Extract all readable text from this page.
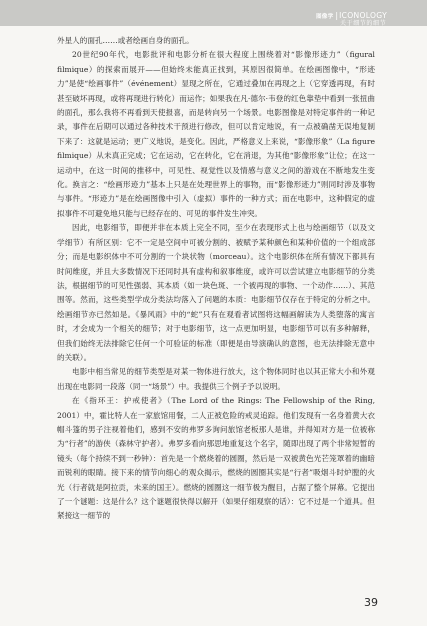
图像学 |ICONOLOGY
关于细节的细节

外星人的面孔……或者绘画自身的面孔。

20世纪90年代，电影批评和电影分析在很大程度上围绕着对“影像形迹力”（figural filmique）的探索而展开——但始终未能真正找到，其原因很简单。在绘画图像中，“形迹力”是使“绘画事件”（événement）显现之所在，它通过叠加在再现之上（它穿透再现，有时甚至破坏再现，或将再现进行转化）而运作；如果我在凡·德尔·韦登的红色靠垫中看到一张扭曲的面孔，那么我将不再看到天使报喜，而是转向另一个场景。电影图像是对特定事件的一种记录，事件在后期可以通过各种技术干预进行修改，但可以肯定地说，有一点被确凿无误地复制下来了：这就是运动；更广义地说，是变化。因此，严格意义上来说，“影像形象”（La figure filmique）从未真正完成；它在运动，它在转化，它在消退，为其他“影像形象”让位；在这一运动中，在这一时间的推移中，可见性、视觉性以及情感与意义之间的游戏在不断地发生变化。换言之：“绘画形迹力”基本上只是在处理世界上的事物，而“影像形迹力”则同时涉及事物与事件。“形迹力”是在绘画图像中引入（虚拟）事件的一种方式；而在电影中，这种假定的虚拟事件不可避免地只能与已经存在的、可见的事件发生冲突。

因此，电影细节，即便并非在本质上完全不同，至少在表现形式上也与绘画细节（以及文学细节）有所区别：它不一定是空间中可被分割的、被赋予某种颜色和某种价值的一个组成部分；而是电影织体中不可分割的一个块状物（morceau）。这个电影织体在所有情况下都具有时间维度，并且大多数情况下还同时具有虚构和叙事维度，或许可以尝试建立电影细节的分类法，根据细节的可见性强弱、其本质（如一块色斑、一个被再现的事物、一个动作……）、其范围等。然而，这些类型学成分类法均落入了问题的本质：电影细节仅存在于特定的分析之中。绘画细节亦已然如是。《暴风雨》中的“蛇”只有在观看者试图将这幅画解读为人类堕落的寓言时，才会成为一个相关的细节；对于电影细节，这一点更加明显，电影细节可以有多种解释，但我们始终无法排除它任何一个可验证的标准（即便是由导演确认的意图，也无法排除无意中的关联）。

电影中相当常见的细节类型是对某一物体进行放大，这个物体同时也以其正常大小和外观出现在电影同一段落（同一“场景”）中。我提供三个例子予以说明。

在《指环王：护戒使者》（The Lord of the Rings: The Fellowship of the Ring, 2001）中，霍比特人在一家旅馆用餐，二人正被危险的戒灵追踪。他们发现有一名身着黄大衣帽斗篷的男子注视着他们，感到不安的弗罗多询问旅馆老板那人是谁，并得知对方是一位被称为“行者”的游侠（森林守护者）。弗罗多看向那思地重复这个名字，随即出现了两个非常短暂的镜头（每个持续不到一秒钟）：首先是一个燃烧着的圆圈，然后是一双被黄色光芒笼罩着的幽暗而锐利的眼睛。接下来的情节向细心的观众揭示，燃烧的圆圈其实是“行者”吸烟斗时炉膛的火光（行者就是阿拉贡，未来的国王）。燃烧的圆圈这一细节极为醒目，占据了整个屏幕。它提出了一个谜题：这是什么？这个谜题很快得以解开（如果仔细观察的话）：它不过是一个道具。但紧接这一细节的

39
